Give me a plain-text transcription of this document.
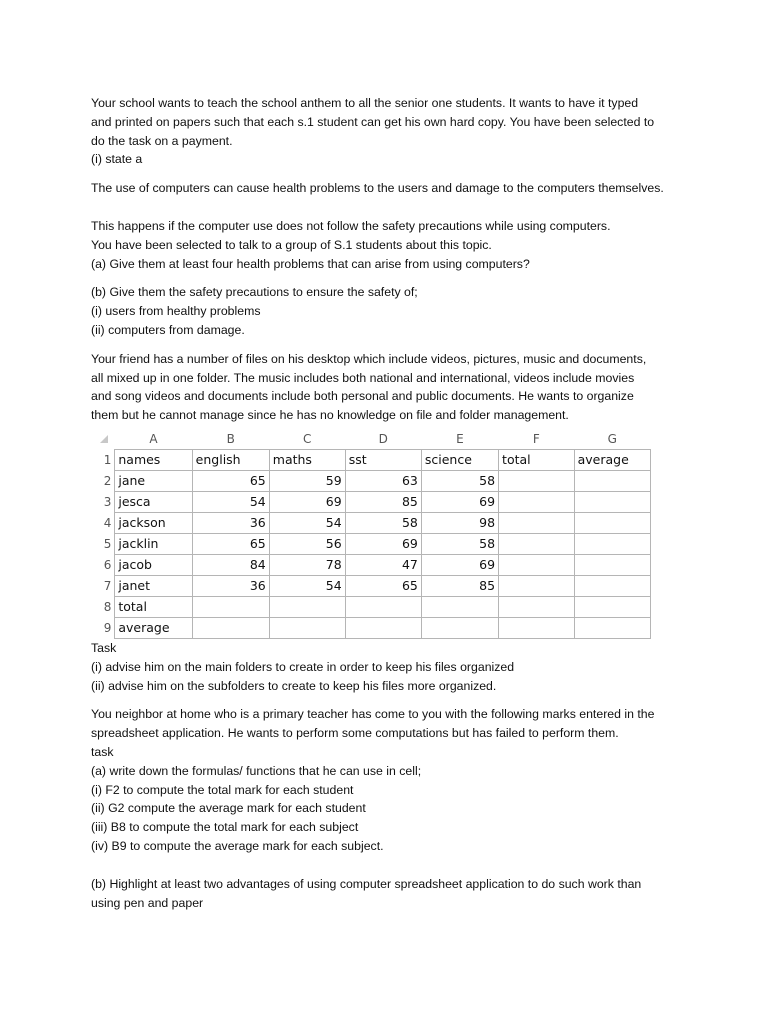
Your school wants to teach the school anthem to all the senior one students. It wants to have it typed
and printed on papers such that each s.1 student can get his own hard copy. You have been selected to
do the task on a payment.
(i) state a
The use of computers can cause health problems to the users and damage to the computers themselves.
This happens if the computer use does not follow the safety precautions while using computers.
You have been selected to talk to a group of S.1 students about this topic.
(a) Give them at least four health problems that can arise from using computers?
(b) Give them the safety precautions to ensure the safety of;
(i) users from healthy problems
(ii) computers from damage.
Your friend has a number of files on his desktop which include videos, pictures, music and documents,
all mixed up in one folder. The music includes both national and international, videos include movies
and song videos and documents include both personal and public documents. He wants to organize
them but he cannot manage since he has no knowledge on file and folder management.
	A	B	C	D	E	F	G
1	names	english	maths	sst	science	total	average
2	jane	65	59	63	58		
3	jesca	54	69	85	69		
4	jackson	36	54	58	98		
5	jacklin	65	56	69	58		
6	jacob	84	78	47	69		
7	janet	36	54	65	85		
8	total						
9	average						
Task
(i) advise him on the main folders to create in order to keep his files organized
(ii) advise him on the subfolders to create to keep his files more organized.
You neighbor at home who is a primary teacher has come to you with the following marks entered in the
spreadsheet application. He wants to perform some computations but has failed to perform them.
task
(a) write down the formulas/ functions that he can use in cell;
(i) F2 to compute the total mark for each student
(ii) G2 compute the average mark for each student
(iii) B8 to compute the total mark for each subject
(iv) B9 to compute the average mark for each subject.
(b) Highlight at least two advantages of using computer spreadsheet application to do such work than
using pen and paper
